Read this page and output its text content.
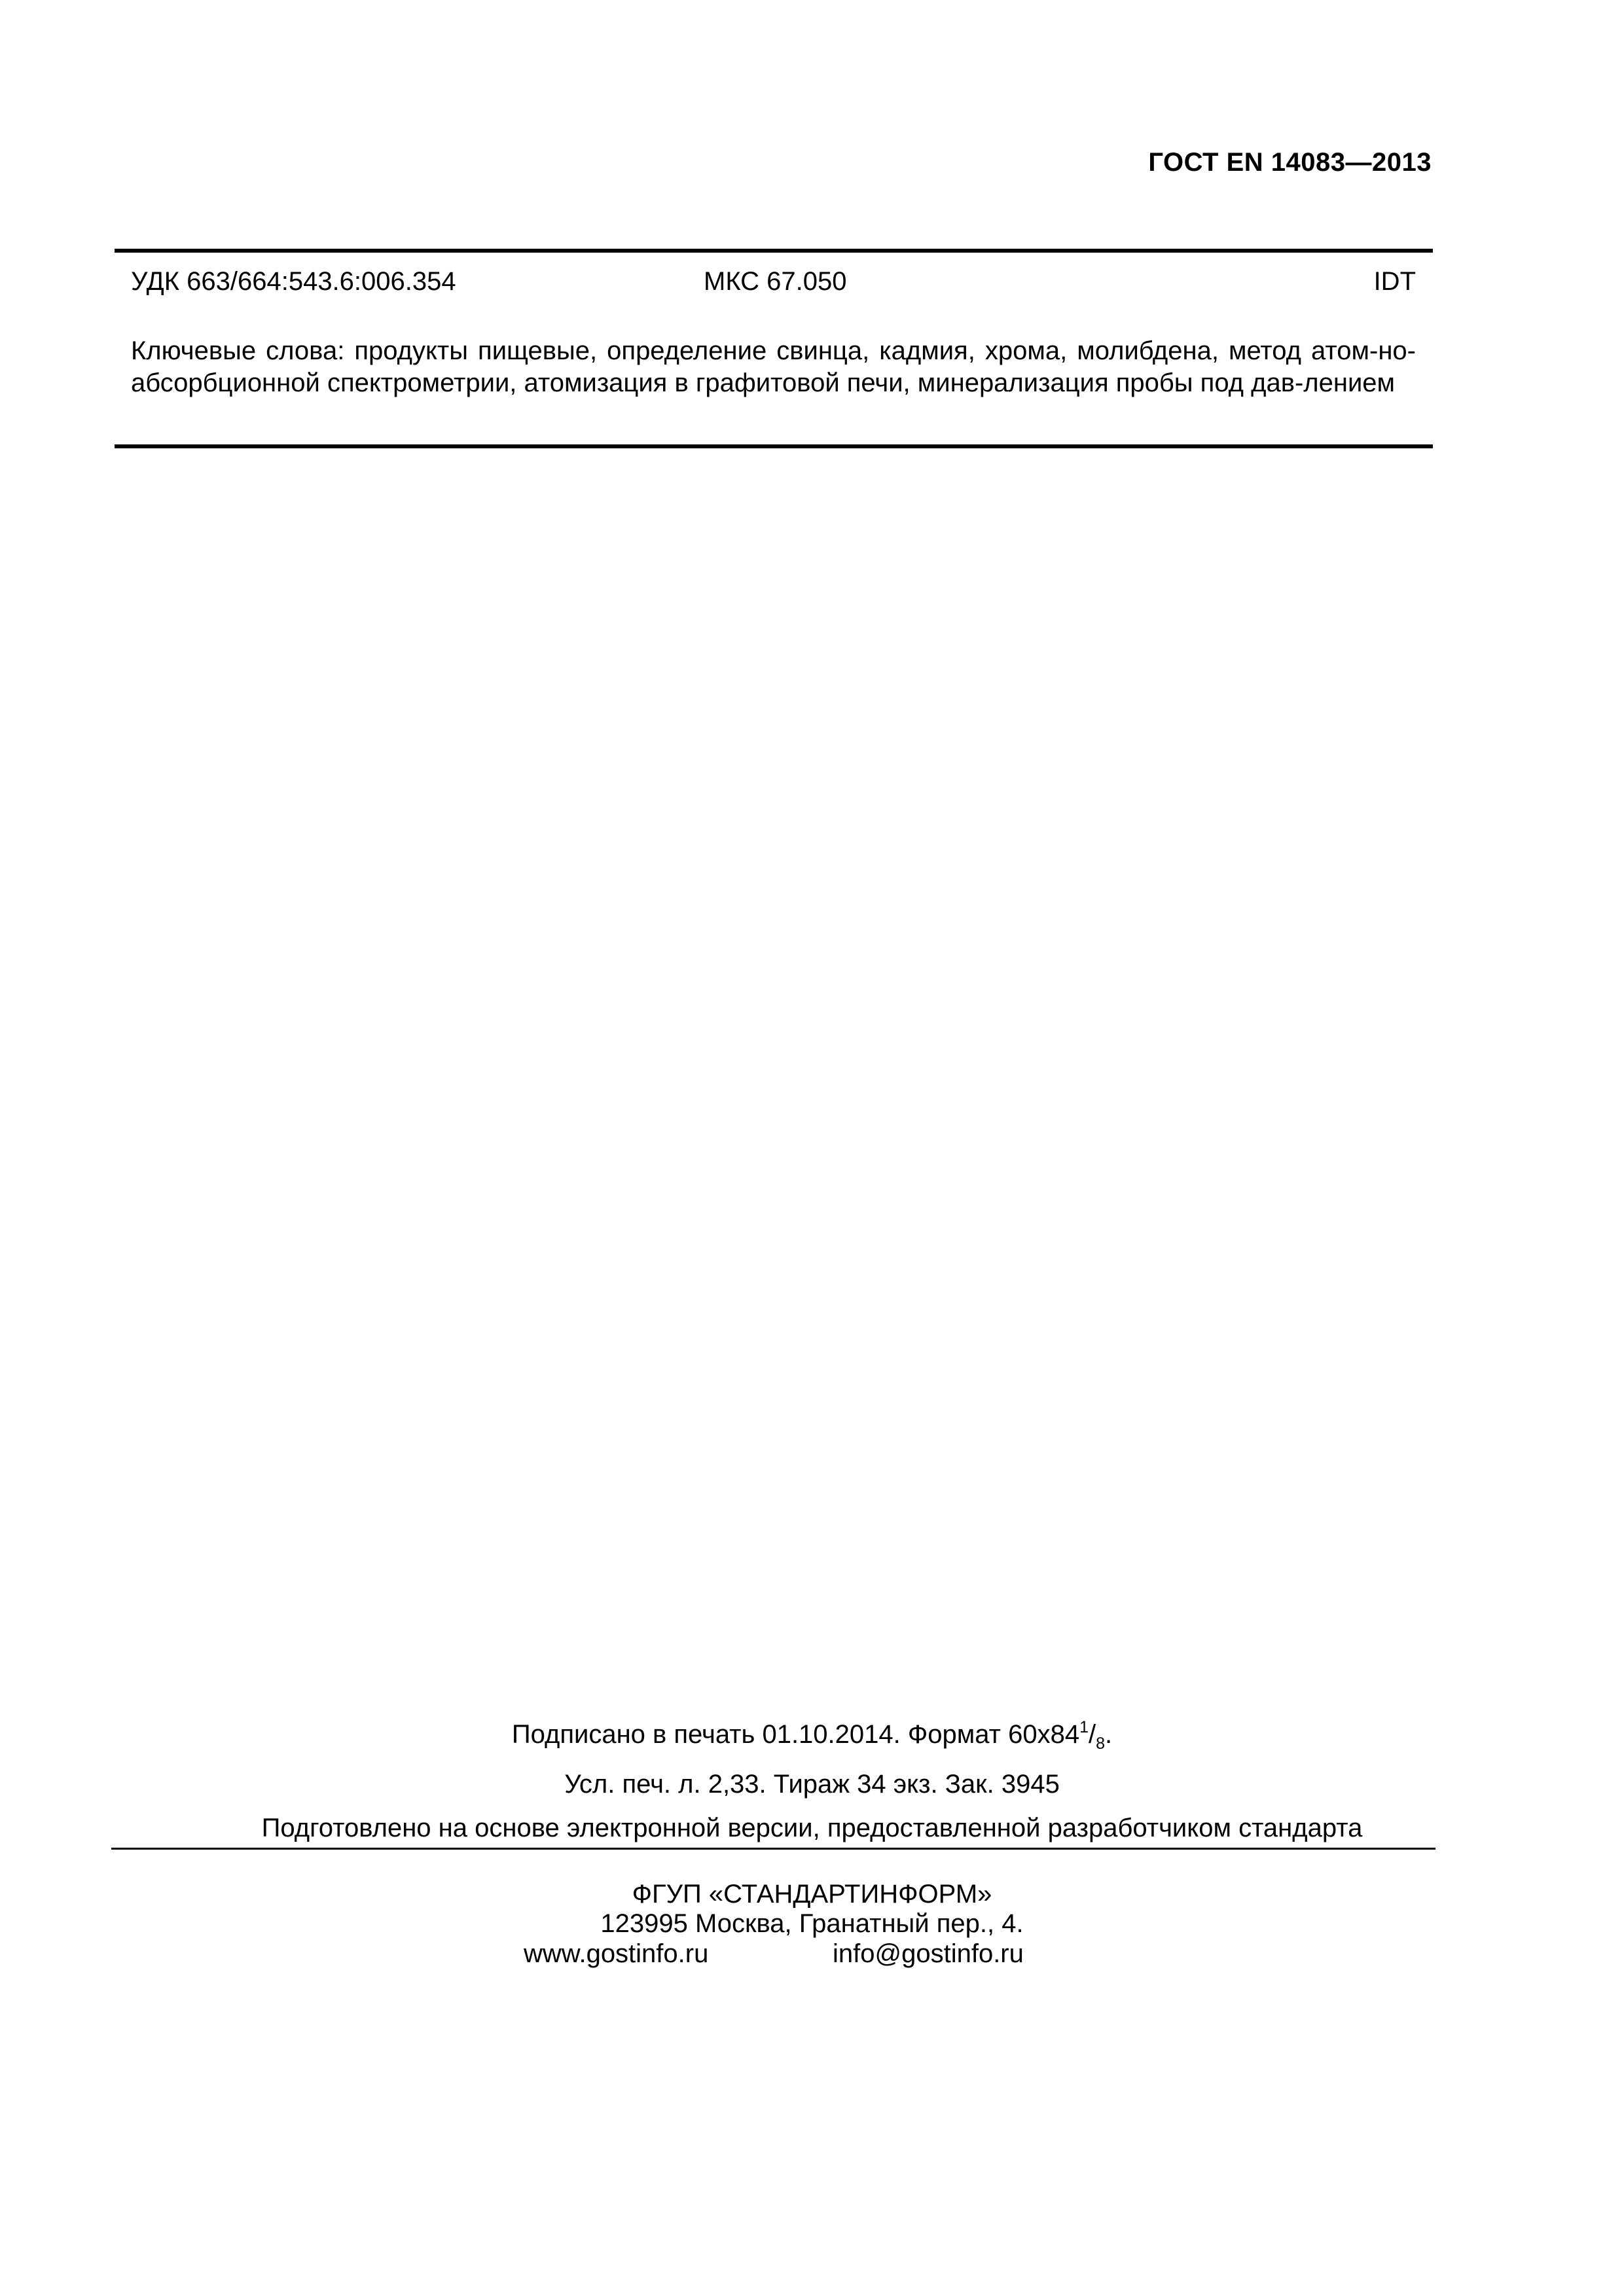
ГОСТ EN 14083—2013
УДК 663/664:543.6:006.354	МКС 67.050	IDT
Ключевые слова: продукты пищевые, определение свинца, кадмия, хрома, молибдена, метод атом-но-абсорбционной спектрометрии, атомизация в графитовой печи, минерализация пробы под дав-лением
Подписано в печать 01.10.2014. Формат $60х84^1/_8$.
Усл. печ. л. 2,33. Тираж 34 экз. Зак. 3945
Подготовлено на основе электронной версии, предоставленной разработчиком стандарта
ФГУП «СТАНДАРТИНФОРМ»
123995 Москва, Гранатный пер., 4.
www.gostinfo.ru	info@gostinfo.ru
